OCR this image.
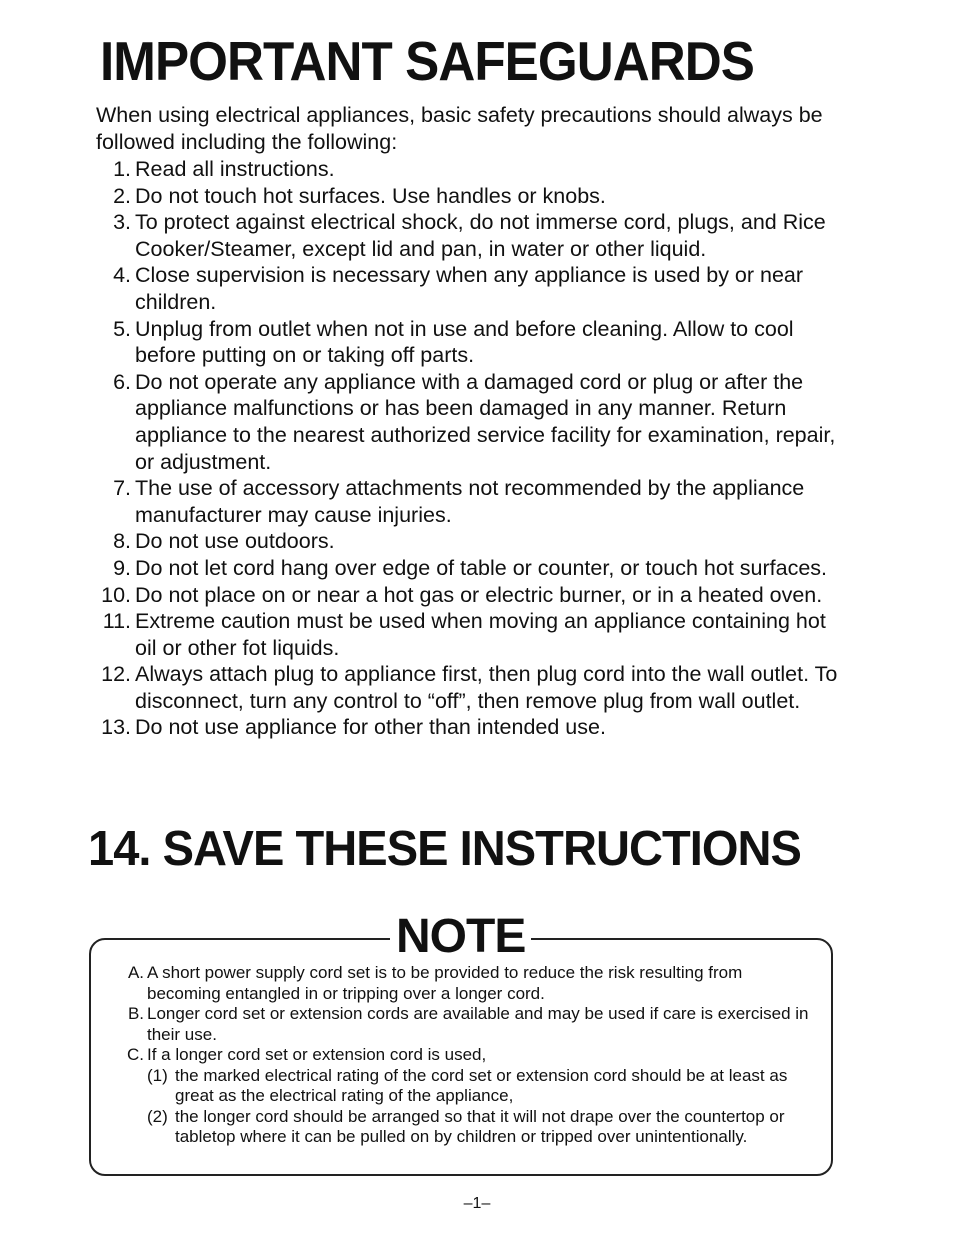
IMPORTANT SAFEGUARDS

When using electrical appliances, basic safety precautions should always be followed including the following:

1. Read all instructions.
2. Do not touch hot surfaces. Use handles or knobs.
3. To protect against electrical shock, do not immerse cord, plugs, and Rice Cooker/Steamer, except lid and pan, in water or other liquid.
4. Close supervision is necessary when any appliance is used by or near children.
5. Unplug from outlet when not in use and before cleaning. Allow to cool before putting on or taking off parts.
6. Do not operate any appliance with a damaged cord or plug or after the appliance malfunctions or has been damaged in any manner. Return appliance to the nearest authorized service facility for examination, repair, or adjustment.
7. The use of accessory attachments not recommended by the appliance manufacturer may cause injuries.
8. Do not use outdoors.
9. Do not let cord hang over edge of table or counter, or touch hot surfaces.
10. Do not place on or near a hot gas or electric burner, or in a heated oven.
11. Extreme caution must be used when moving an appliance containing hot oil or other fot liquids.
12. Always attach plug to appliance first, then plug cord into the wall outlet. To disconnect, turn any control to “off”, then remove plug from wall outlet.
13. Do not use appliance for other than intended use.
14. SAVE THESE INSTRUCTIONS
NOTE
A. A short power supply cord set is to be provided to reduce the risk resulting from becoming entangled in or tripping over a longer cord.
B. Longer cord set or extension cords are available and may be used if care is exercised in their use.
C. If a longer cord set or extension cord is used,
(1) the marked electrical rating of the cord set or extension cord should be at least as great as the electrical rating of the appliance,
(2) the longer cord should be arranged so that it will not drape over the countertop or tabletop where it can be pulled on by children or tripped over unintentionally.
–1–
